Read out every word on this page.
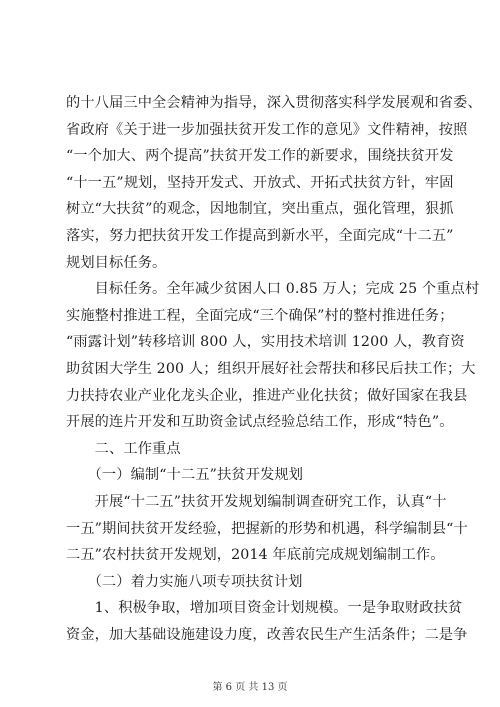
的十八届三中全会精神为指导，深入贯彻落实科学发展观和省委、
省政府《关于进一步加强扶贫开发工作的意见》文件精神，按照
“一个加大、两个提高”扶贫开发工作的新要求，围绕扶贫开发
“十一五”规划，坚持开发式、开放式、开拓式扶贫方针，牢固
树立“大扶贫”的观念，因地制宜，突出重点，强化管理，狠抓
落实，努力把扶贫开发工作提高到新水平，全面完成“十二五”
规划目标任务。
　　目标任务。全年减少贫困人口 0.85 万人；完成 25 个重点村
实施整村推进工程，全面完成“三个确保”村的整村推进任务；
“雨露计划”转移培训 800 人，实用技术培训 1200 人，教育资
助贫困大学生 200 人；组织开展好社会帮扶和移民后扶工作；大
力扶持农业产业化龙头企业，推进产业化扶贫；做好国家在我县
开展的连片开发和互助资金试点经验总结工作，形成“特色”。
　　二、工作重点
　　（一）编制“十二五”扶贫开发规划
　　开展“十二五”扶贫开发规划编制调查研究工作，认真“十
一五”期间扶贫开发经验，把握新的形势和机遇，科学编制县“十
二五”农村扶贫开发规划，2014 年底前完成规划编制工作。
　　（二）着力实施八项专项扶贫计划
　　1、积极争取，增加项目资金计划规模。一是争取财政扶贫
资金，加大基础设施建设力度，改善农民生产生活条件；二是争
第 6 页 共 13 页
